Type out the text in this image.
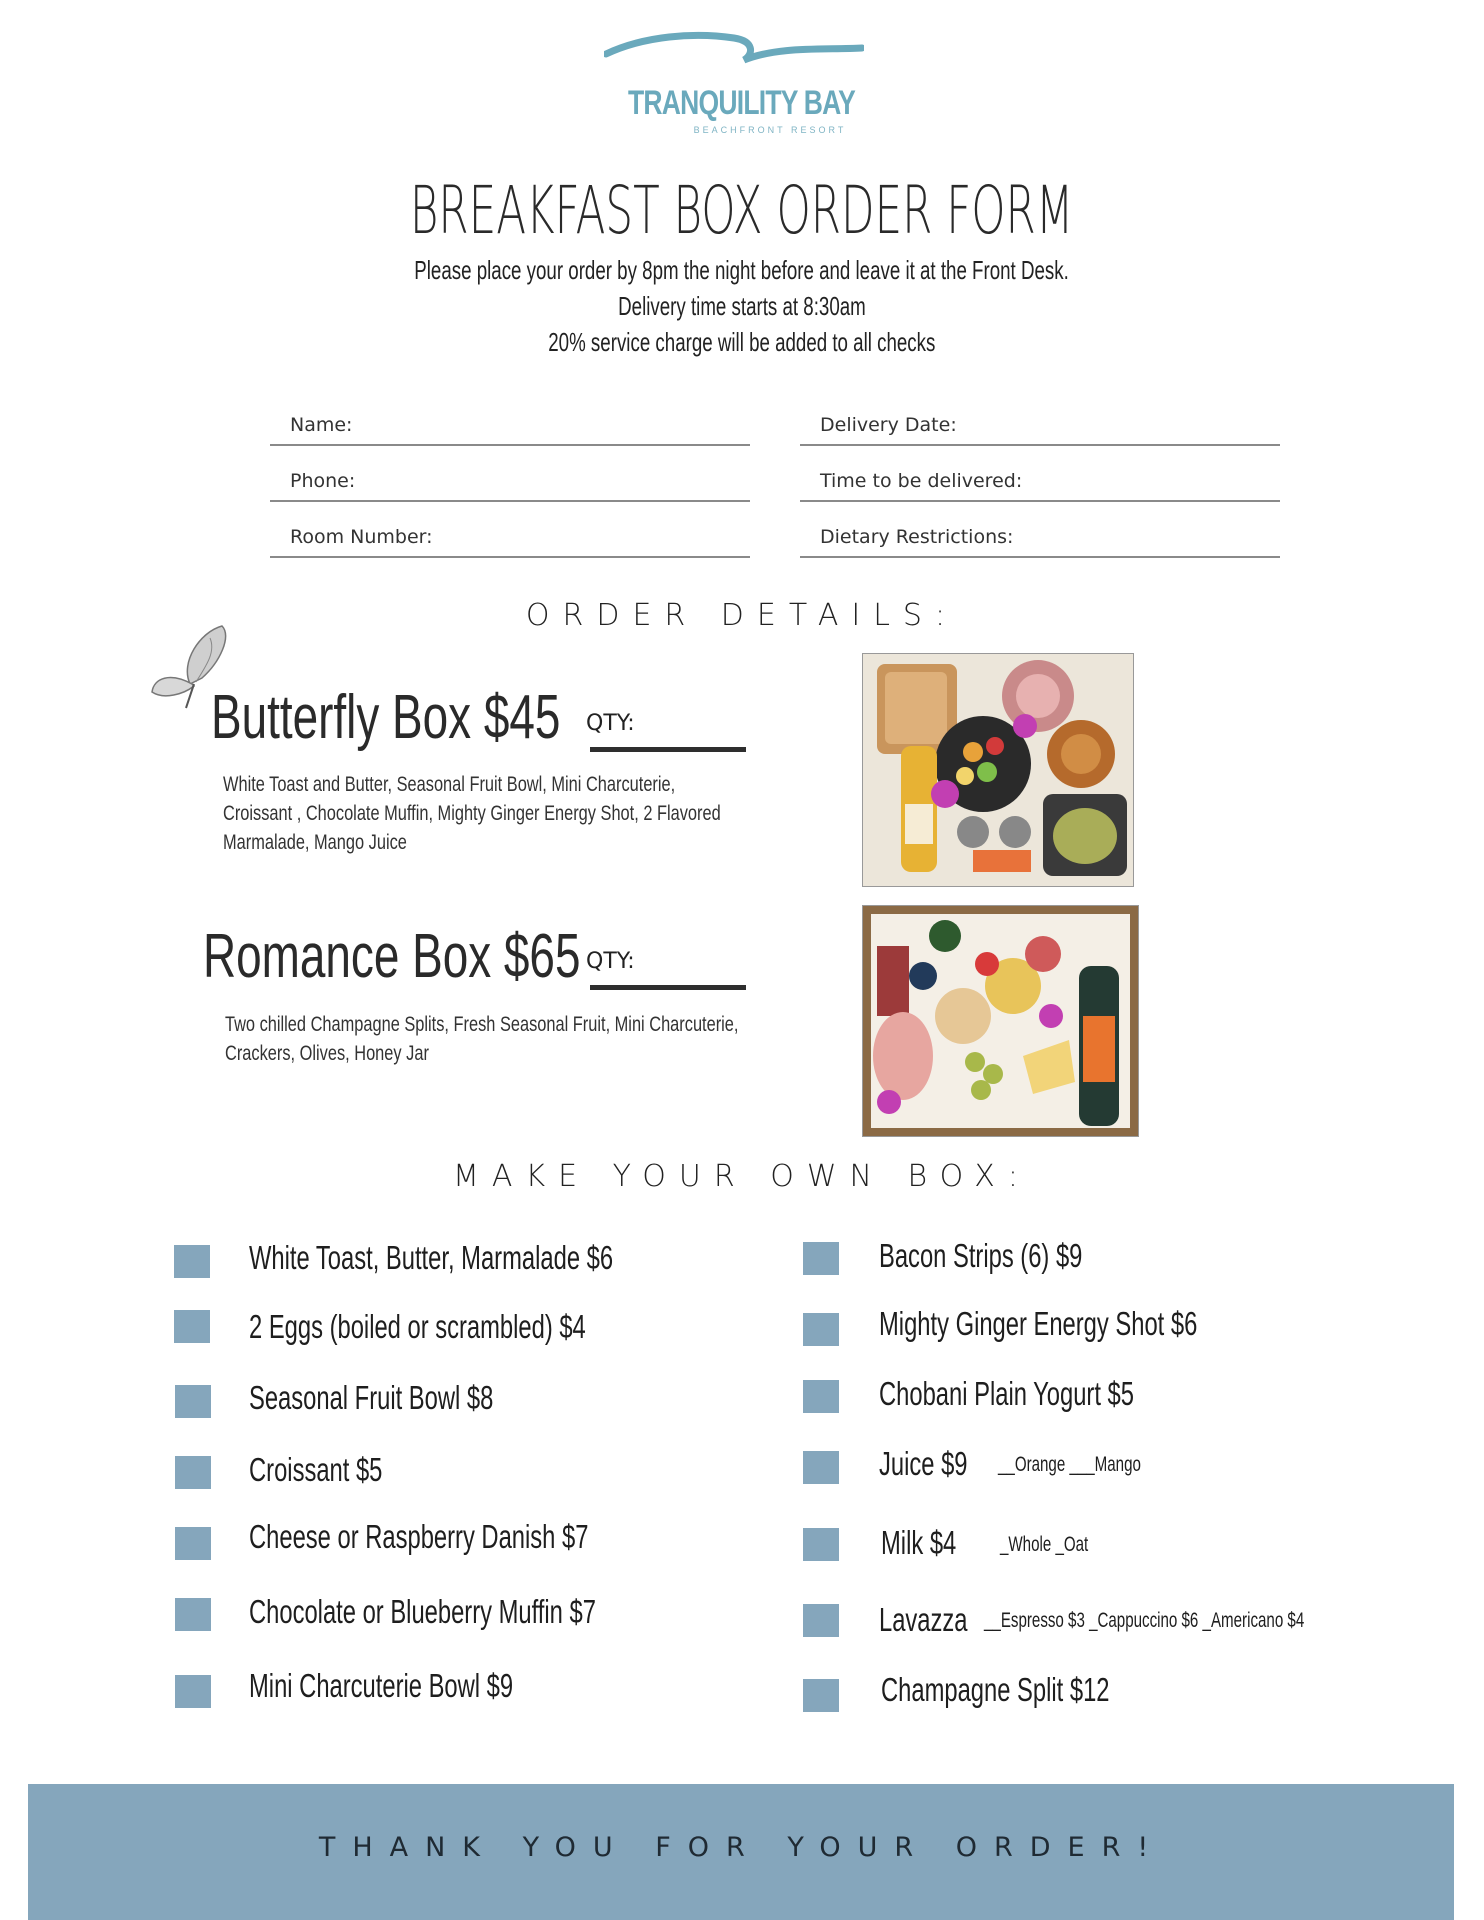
TRANQUILITY BAY
BEACHFRONT RESORT
BREAKFAST BOX ORDER FORM
Please place your order by 8pm the night before and leave it at the Front Desk.
Delivery time starts at 8:30am
20% service charge will be added to all checks
Name:
Phone:
Room Number:
Delivery Date:
Time to be delivered:
Dietary Restrictions:
ORDER DETAILS:
Butterfly Box $45	QTY:
White Toast and Butter, Seasonal Fruit Bowl, Mini Charcuterie,
Croissant , Chocolate Muffin, Mighty Ginger Energy Shot, 2 Flavored
Marmalade, Mango Juice
Romance Box $65 QTY:
Two chilled Champagne Splits, Fresh Seasonal Fruit, Mini Charcuterie,
Crackers, Olives, Honey Jar
MAKE YOUR OWN BOX:
White Toast, Butter, Marmalade $6
2 Eggs (boiled or scrambled) $4
Seasonal Fruit Bowl $8
Croissant $5
Cheese or Raspberry Danish $7
Chocolate or Blueberry Muffin $7
Mini Charcuterie Bowl $9
Bacon Strips (6) $9
Mighty Ginger Energy Shot $6
Chobani Plain Yogurt $5
Juice $9	__Orange ___Mango
Milk $4	_Whole _Oat
Lavazza __Espresso $3 _Cappuccino $6 _Americano $4
Champagne Split $12
THANK YOU FOR YOUR ORDER!
